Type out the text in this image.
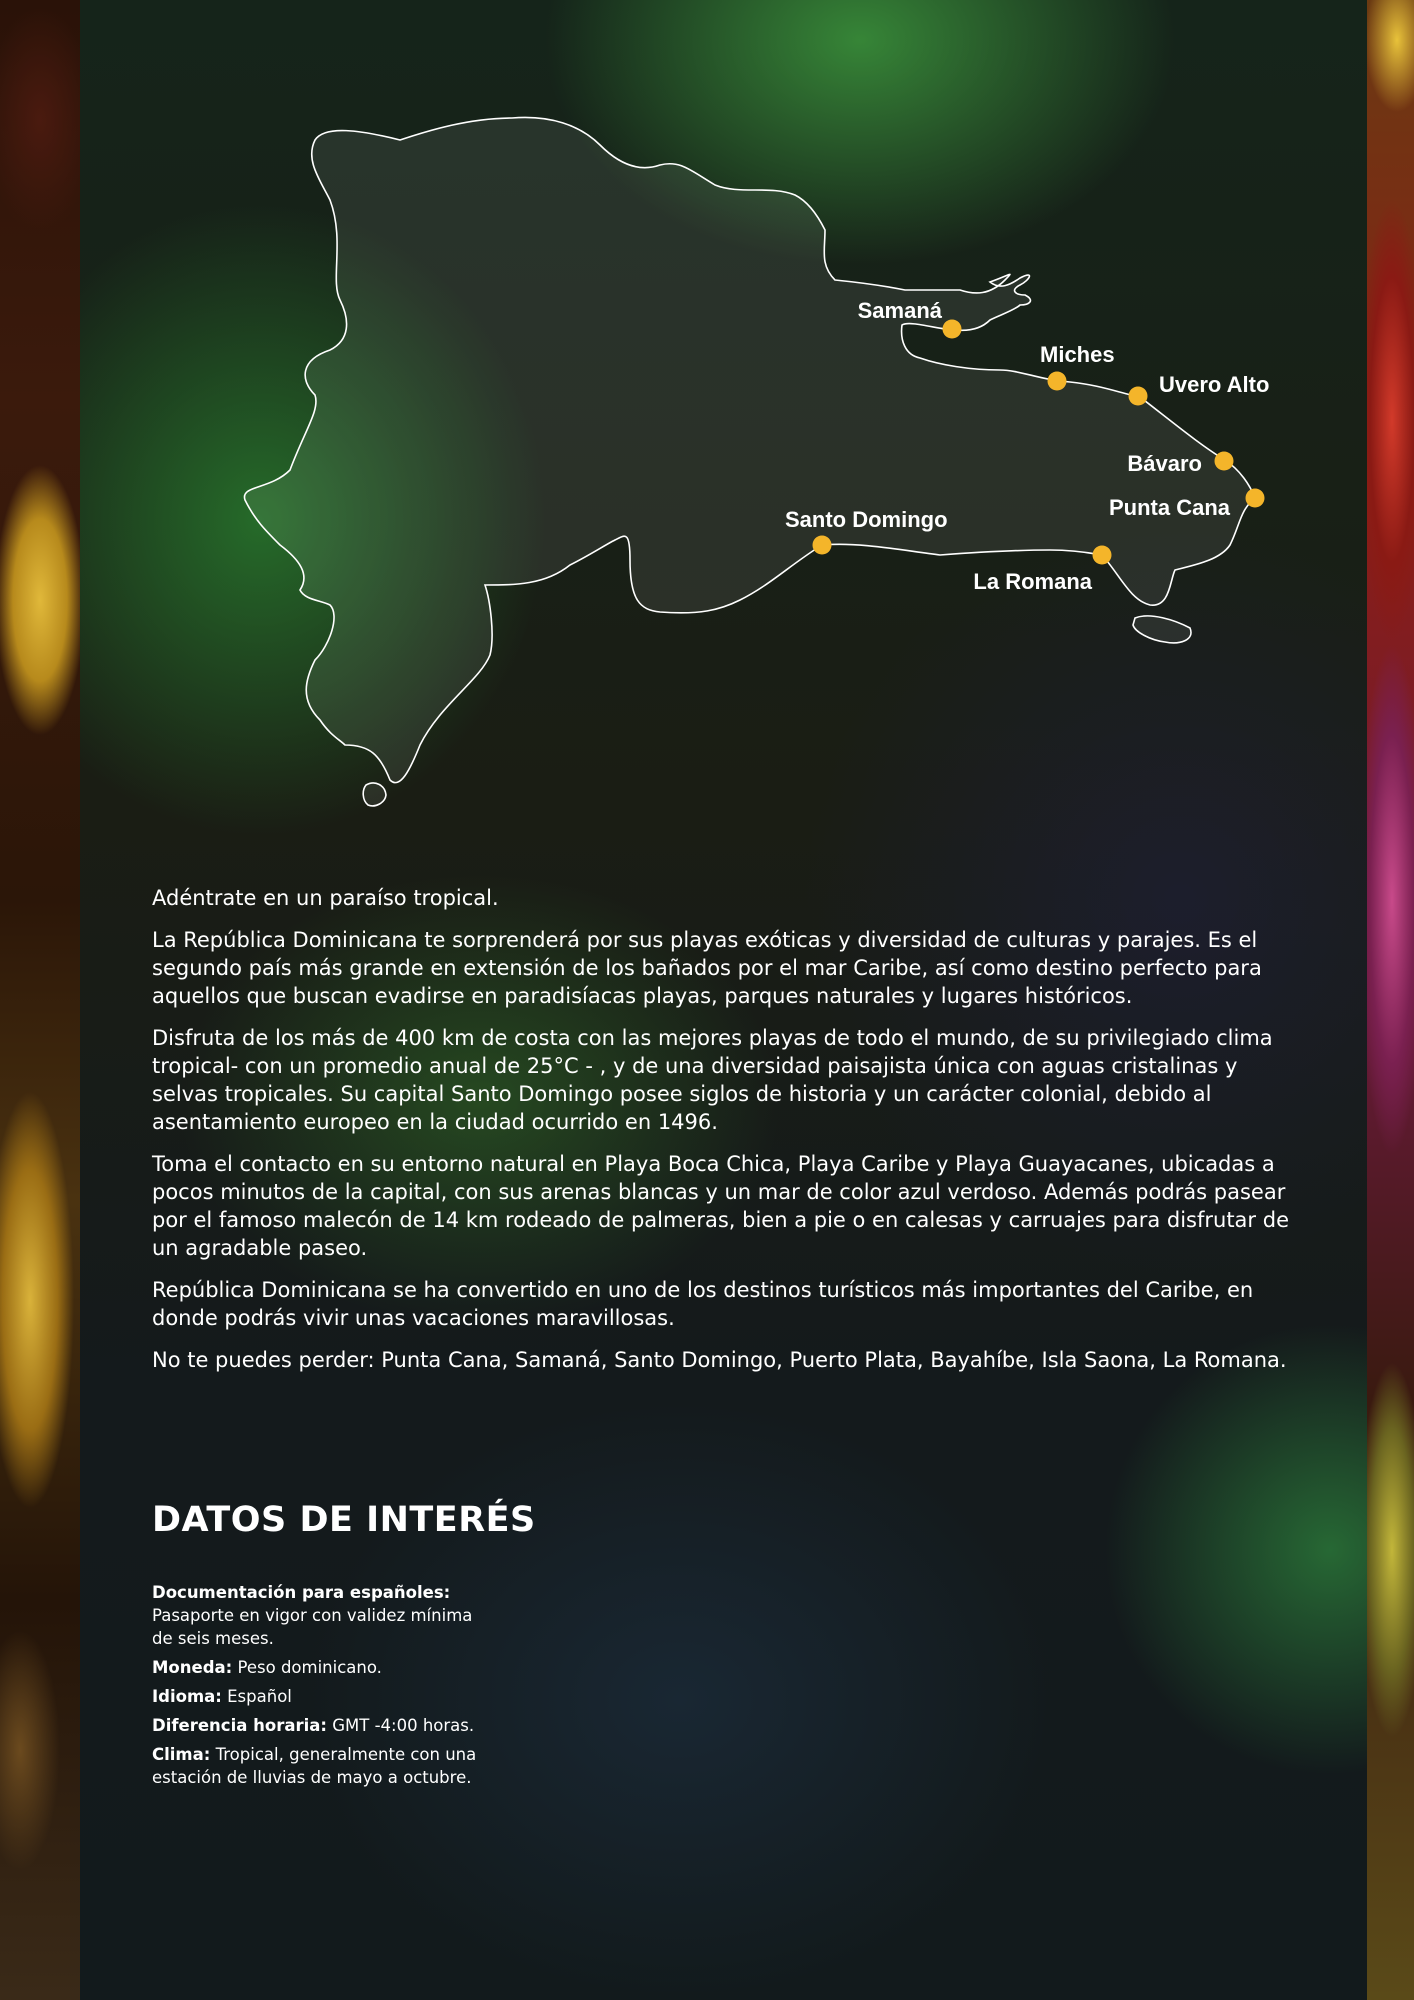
Samaná
Miches
Uvero Alto
Bávaro
Punta Cana
Santo Domingo
La Romana

Adéntrate en un paraíso tropical.

La República Dominicana te sorprenderá por sus playas exóticas y diversidad de culturas y parajes. Es el segundo país más grande en extensión de los bañados por el mar Caribe, así como destino perfecto para aquellos que buscan evadirse en paradisíacas playas, parques naturales y lugares históricos.

Disfruta de los más de 400 km de costa con las mejores playas de todo el mundo, de su privilegiado clima tropical- con un promedio anual de 25°C - , y de una diversidad paisajista única con aguas cristalinas y selvas tropicales. Su capital Santo Domingo posee siglos de historia y un carácter colonial, debido al asentamiento europeo en la ciudad ocurrido en 1496.

Toma el contacto en su entorno natural en Playa Boca Chica, Playa Caribe y Playa Guayacanes, ubicadas a pocos minutos de la capital, con sus arenas blancas y un mar de color azul verdoso. Además podrás pasear por el famoso malecón de 14 km rodeado de palmeras, bien a pie o en calesas y carruajes para disfrutar de un agradable paseo.

República Dominicana se ha convertido en uno de los destinos turísticos más importantes del Caribe, en donde podrás vivir unas vacaciones maravillosas.

No te puedes perder: Punta Cana, Samaná, Santo Domingo, Puerto Plata, Bayahíbe, Isla Saona, La Romana.

DATOS DE INTERÉS

Documentación para españoles:
Pasaporte en vigor con validez mínima de seis meses.

Moneda: Peso dominicano.

Idioma: Español

Diferencia horaria: GMT -4:00 horas.

Clima: Tropical, generalmente con una estación de lluvias de mayo a octubre.
